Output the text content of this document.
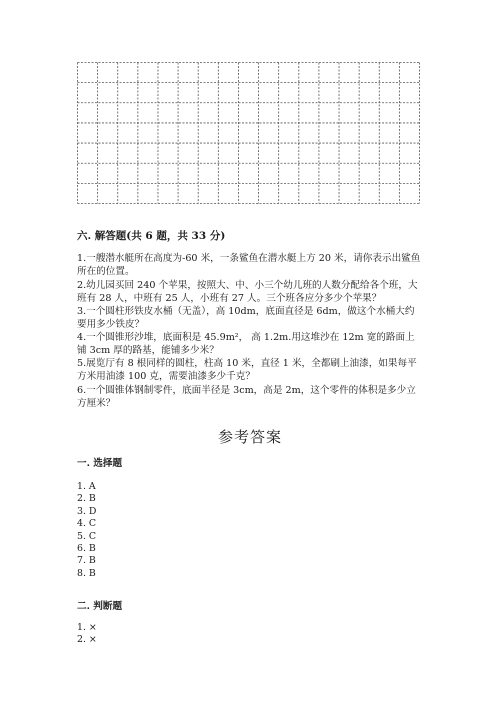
六. 解答题(共 6 题，共 33 分)
1.一艘潜水艇所在高度为-60 米，一条鲨鱼在潜水艇上方 20 米，请你表示出鲨鱼所在的位置。
2.幼儿园买回 240 个苹果，按照大、中、小三个幼儿班的人数分配给各个班，大班有 28 人，中班有 25 人，小班有 27 人。三个班各应分多少个苹果？
3.一个圆柱形铁皮水桶（无盖），高 10dm，底面直径是 6dm，做这个水桶大约要用多少铁皮？
4.一个圆锥形沙堆，底面积是 45.9m²， 高 1.2m.用这堆沙在 12m 宽的路面上铺 3cm 厚的路基，能铺多少米？
5.展览厅有 8 根同样的圆柱，柱高 10 米，直径 1 米，全都刷上油漆，如果每平方米用油漆 100 克，需要油漆多少千克？
6.一个圆锥体钢制零件，底面半径是 3cm，高是 2m，这个零件的体积是多少立方厘米？
参考答案
一. 选择题
1. A
2. B
3. D
4. C
5. C
6. B
7. B
8. B
二. 判断题
1. ×
2. ×
